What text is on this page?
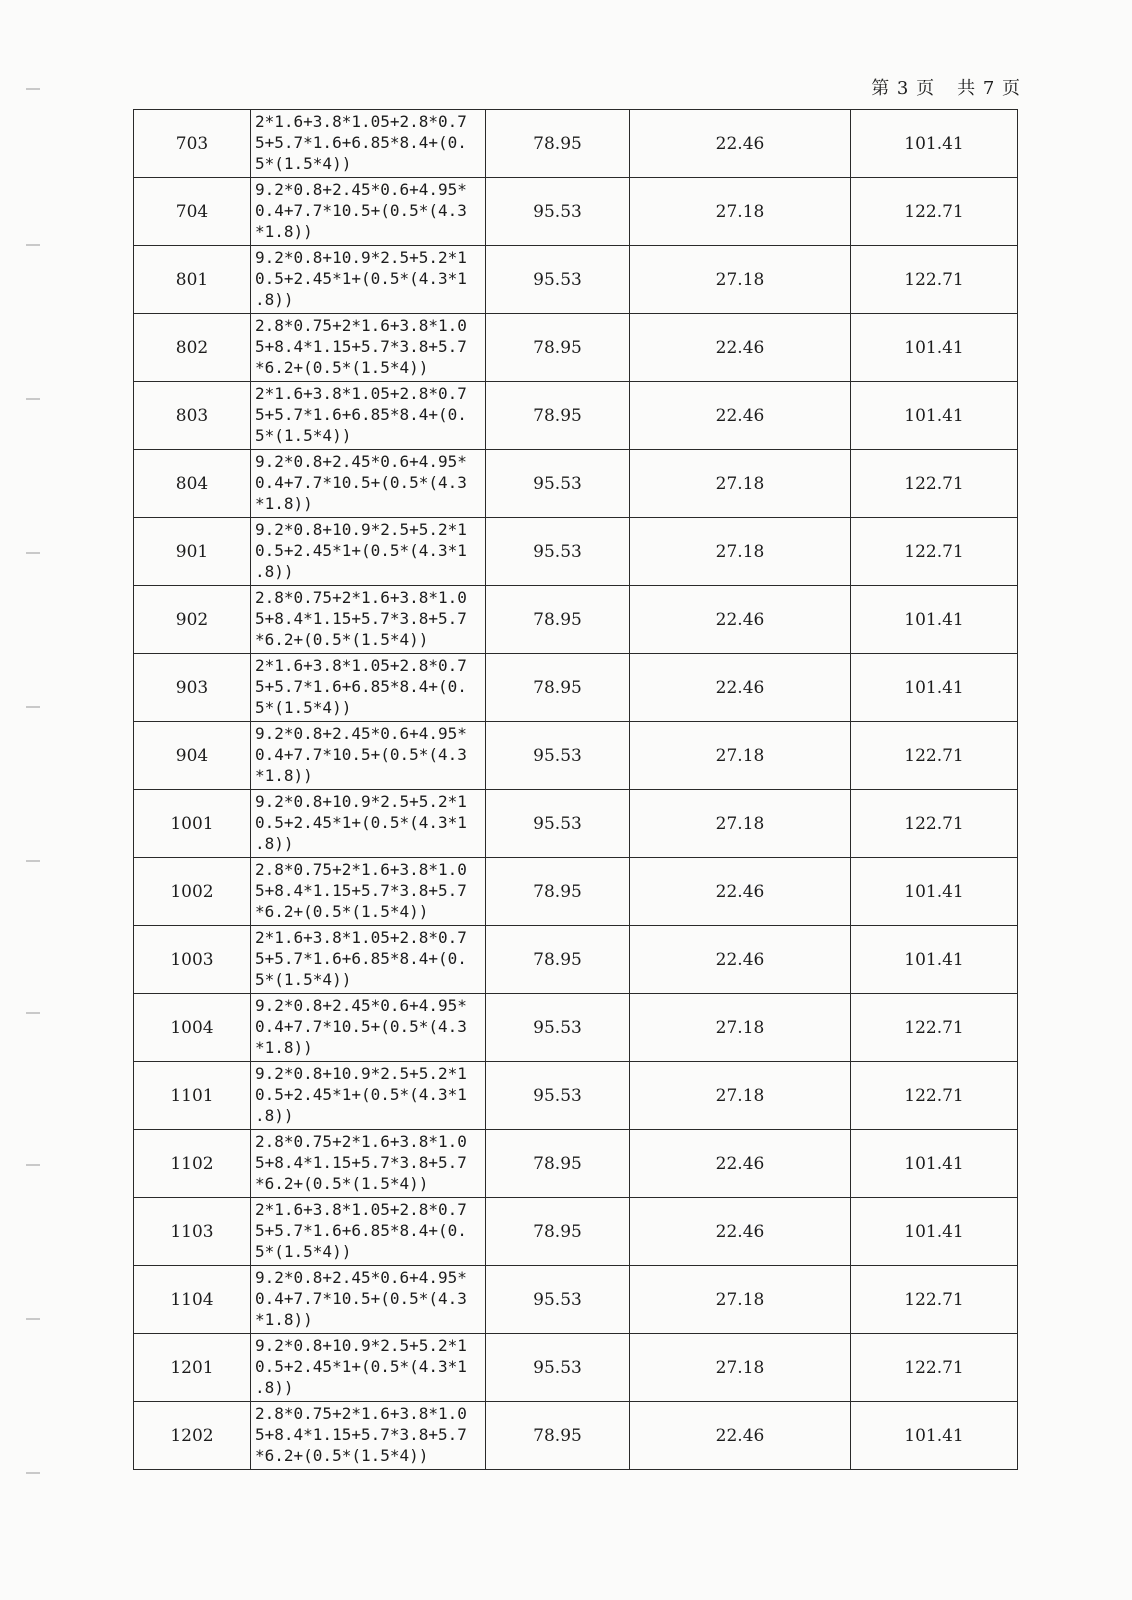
第 3 页 共 7 页
703	2*1.6+3.8*1.05+2.8*0.7
5+5.7*1.6+6.85*8.4+(0.
5*(1.5*4))	78.95	22.46	101.41
704	9.2*0.8+2.45*0.6+4.95*
0.4+7.7*10.5+(0.5*(4.3
*1.8))	95.53	27.18	122.71
801	9.2*0.8+10.9*2.5+5.2*1
0.5+2.45*1+(0.5*(4.3*1
.8))	95.53	27.18	122.71
802	2.8*0.75+2*1.6+3.8*1.0
5+8.4*1.15+5.7*3.8+5.7
*6.2+(0.5*(1.5*4))	78.95	22.46	101.41
803	2*1.6+3.8*1.05+2.8*0.7
5+5.7*1.6+6.85*8.4+(0.
5*(1.5*4))	78.95	22.46	101.41
804	9.2*0.8+2.45*0.6+4.95*
0.4+7.7*10.5+(0.5*(4.3
*1.8))	95.53	27.18	122.71
901	9.2*0.8+10.9*2.5+5.2*1
0.5+2.45*1+(0.5*(4.3*1
.8))	95.53	27.18	122.71
902	2.8*0.75+2*1.6+3.8*1.0
5+8.4*1.15+5.7*3.8+5.7
*6.2+(0.5*(1.5*4))	78.95	22.46	101.41
903	2*1.6+3.8*1.05+2.8*0.7
5+5.7*1.6+6.85*8.4+(0.
5*(1.5*4))	78.95	22.46	101.41
904	9.2*0.8+2.45*0.6+4.95*
0.4+7.7*10.5+(0.5*(4.3
*1.8))	95.53	27.18	122.71
1001	9.2*0.8+10.9*2.5+5.2*1
0.5+2.45*1+(0.5*(4.3*1
.8))	95.53	27.18	122.71
1002	2.8*0.75+2*1.6+3.8*1.0
5+8.4*1.15+5.7*3.8+5.7
*6.2+(0.5*(1.5*4))	78.95	22.46	101.41
1003	2*1.6+3.8*1.05+2.8*0.7
5+5.7*1.6+6.85*8.4+(0.
5*(1.5*4))	78.95	22.46	101.41
1004	9.2*0.8+2.45*0.6+4.95*
0.4+7.7*10.5+(0.5*(4.3
*1.8))	95.53	27.18	122.71
1101	9.2*0.8+10.9*2.5+5.2*1
0.5+2.45*1+(0.5*(4.3*1
.8))	95.53	27.18	122.71
1102	2.8*0.75+2*1.6+3.8*1.0
5+8.4*1.15+5.7*3.8+5.7
*6.2+(0.5*(1.5*4))	78.95	22.46	101.41
1103	2*1.6+3.8*1.05+2.8*0.7
5+5.7*1.6+6.85*8.4+(0.
5*(1.5*4))	78.95	22.46	101.41
1104	9.2*0.8+2.45*0.6+4.95*
0.4+7.7*10.5+(0.5*(4.3
*1.8))	95.53	27.18	122.71
1201	9.2*0.8+10.9*2.5+5.2*1
0.5+2.45*1+(0.5*(4.3*1
.8))	95.53	27.18	122.71
1202	2.8*0.75+2*1.6+3.8*1.0
5+8.4*1.15+5.7*3.8+5.7
*6.2+(0.5*(1.5*4))	78.95	22.46	101.41
